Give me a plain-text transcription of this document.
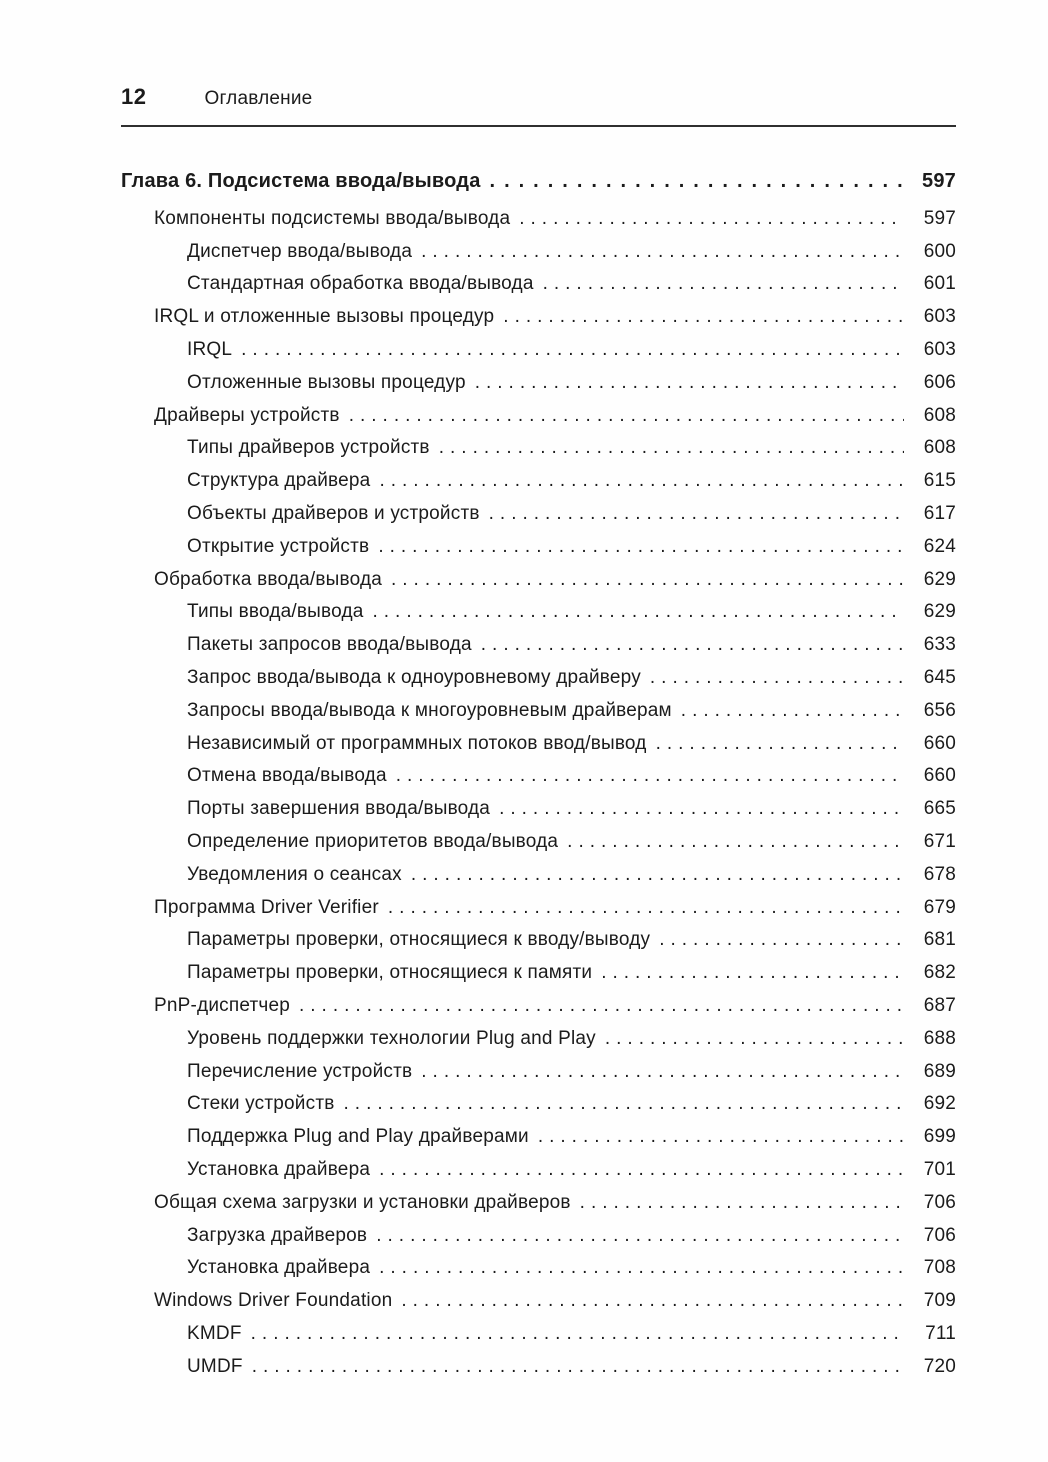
12	Оглавление
Глава 6. Подсистема ввода/вывода .....	597
Компоненты подсистемы ввода/вывода .....	597
Диспетчер ввода/вывода .....	600
Стандартная обработка ввода/вывода .....	601
IRQL и отложенные вызовы процедур .....	603
IRQL .....	603
Отложенные вызовы процедур .....	606
Драйверы устройств .....	608
Типы драйверов устройств .....	608
Структура драйвера .....	615
Объекты драйверов и устройств .....	617
Открытие устройств .....	624
Обработка ввода/вывода .....	629
Типы ввода/вывода .....	629
Пакеты запросов ввода/вывода .....	633
Запрос ввода/вывода к одноуровневому драйверу .....	645
Запросы ввода/вывода к многоуровневым драйверам .....	656
Независимый от программных потоков ввод/вывод .....	660
Отмена ввода/вывода .....	660
Порты завершения ввода/вывода .....	665
Определение приоритетов ввода/вывода .....	671
Уведомления о сеансах .....	678
Программа Driver Verifier .....	679
Параметры проверки, относящиеся к вводу/выводу .....	681
Параметры проверки, относящиеся к памяти .....	682
PnP-диспетчер .....	687
Уровень поддержки технологии Plug and Play .....	688
Перечисление устройств .....	689
Стеки устройств .....	692
Поддержка Plug and Play драйверами .....	699
Установка драйвера .....	701
Общая схема загрузки и установки драйверов .....	706
Загрузка драйверов .....	706
Установка драйвера .....	708
Windows Driver Foundation .....	709
KMDF .....	711
UMDF .....	720
